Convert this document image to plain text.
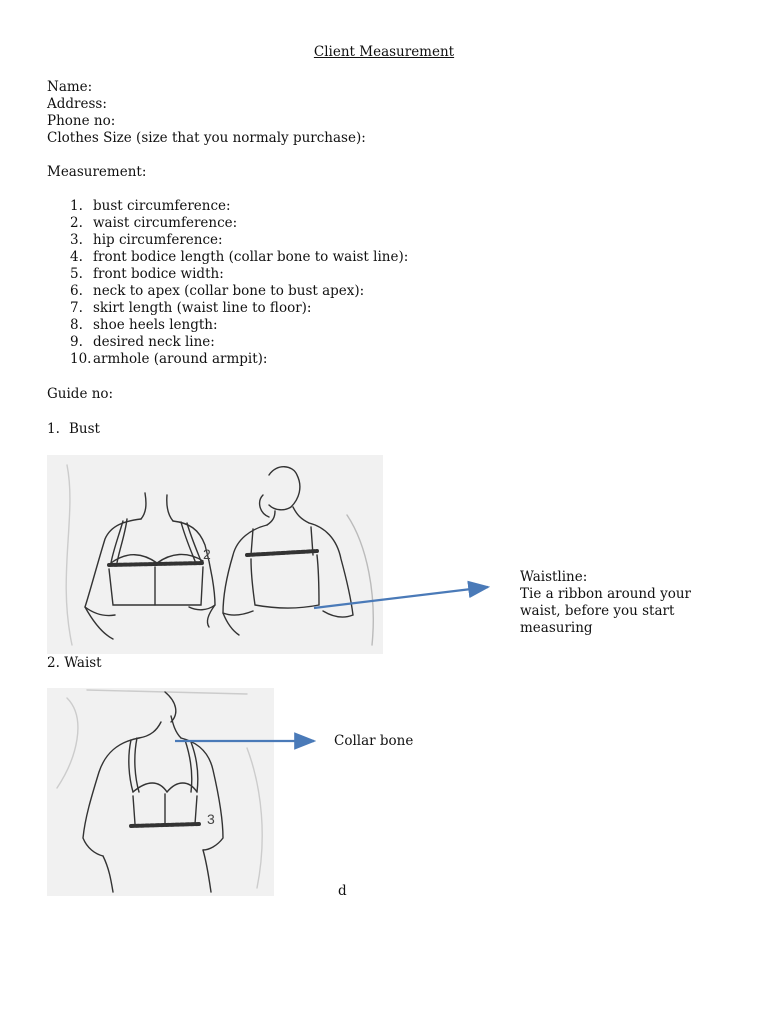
Client Measurement
Name:
Address:
Phone no:
Clothes Size (size that you normaly purchase):
Measurement:
1. bust circumference:
2. waist circumference:
3. hip circumference:
4. front bodice length (collar bone to waist line):
5. front bodice width:
6. neck to apex (collar bone to bust apex):
7. skirt length (waist line to floor):
8. shoe heels length:
9. desired neck line:
10. armhole (around armpit):
Guide no:
1. Bust
2
2. Waist
3
Waistline:
Tie a ribbon around your waist, before you start measuring
Collar bone
d
